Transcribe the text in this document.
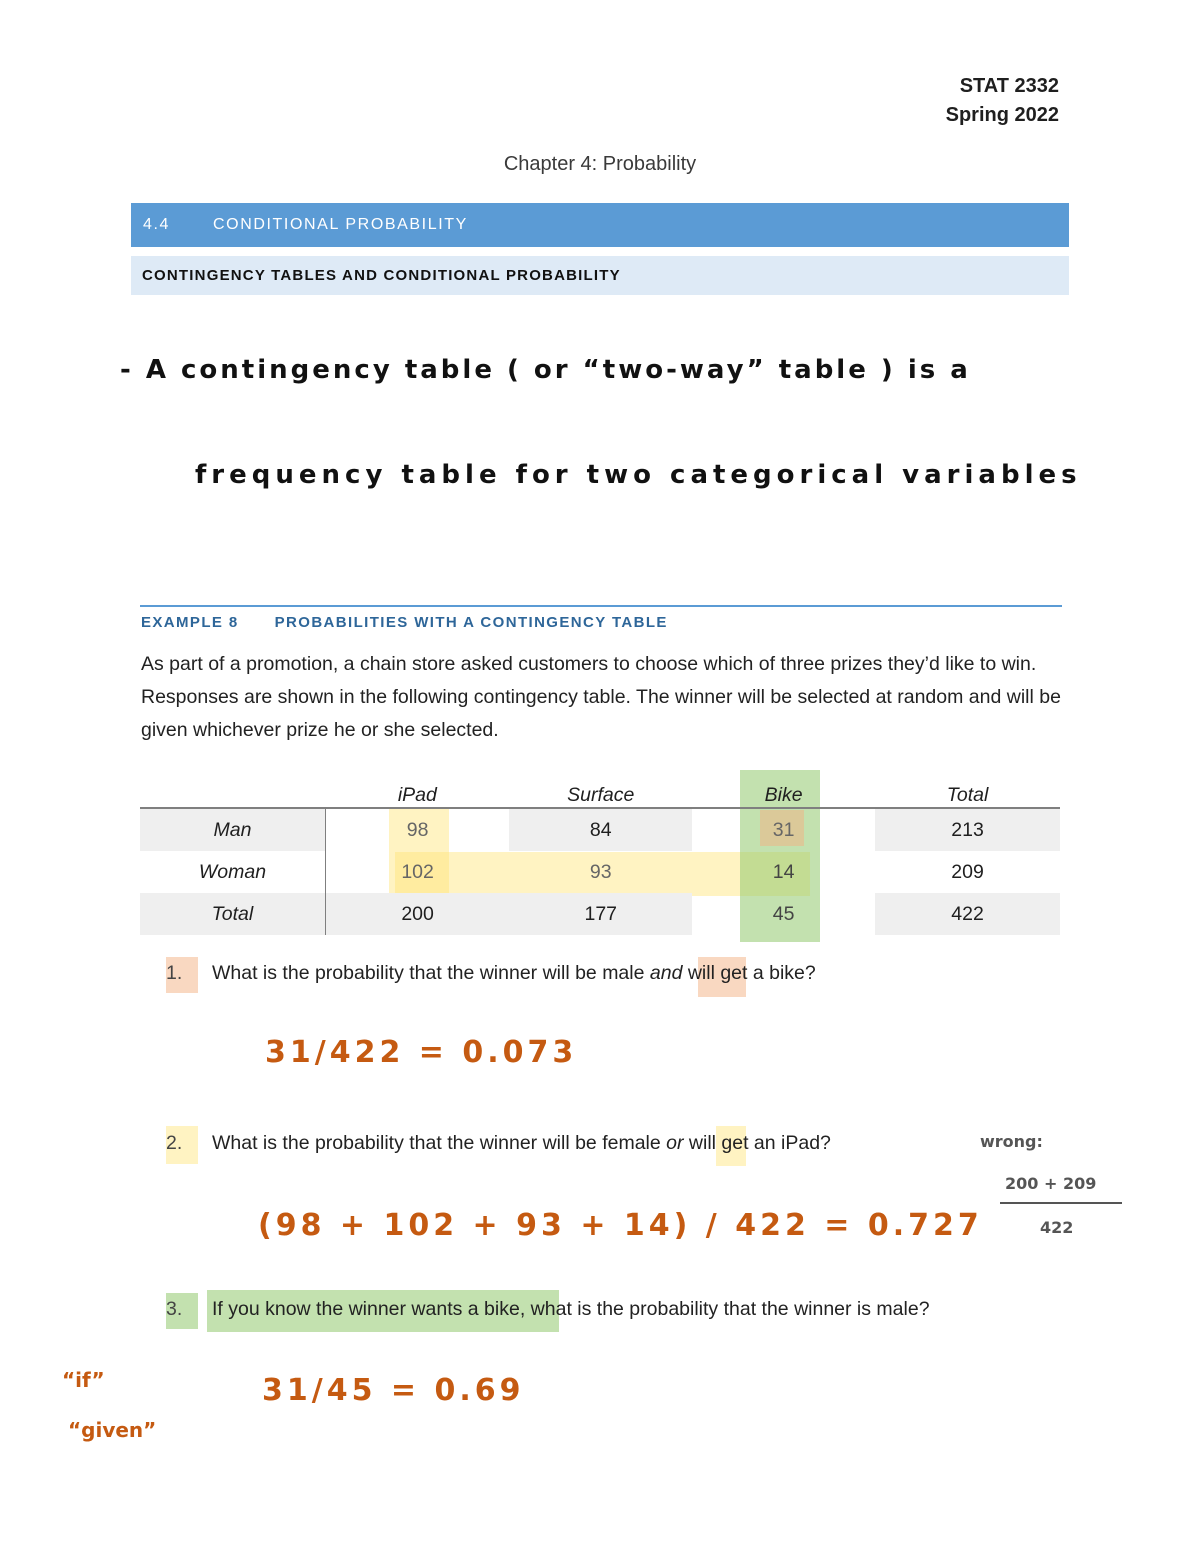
STAT 2332
Spring 2022
Chapter 4: Probability
4.4	CONDITIONAL PROBABILITY
CONTINGENCY TABLES AND CONDITIONAL PROBABILITY
- A contingency table ( or “two-way” table ) is a
frequency table for two categorical variables
EXAMPLE 8 PROBABILITIES WITH A CONTINGENCY TABLE
As part of a promotion, a chain store asked customers to choose which of three prizes they’d like to win. Responses are shown in the following contingency table. The winner will be selected at random and will be given whichever prize he or she selected.
	iPad	Surface	Bike	Total
Man	98	84	31	213
Woman	102	93	14	209
Total	200	177	45	422
1. What is the probability that the winner will be male and will get a bike?
2. What is the probability that the winner will be female or will get an iPad?
3. If you know the winner wants a bike, what is the probability that the winner is male?
31/422 = 0.073
(98 + 102 + 93 + 14) / 422 = 0.727
wrong:
200 + 209
422
31/45 = 0.69
“if”
“given”
